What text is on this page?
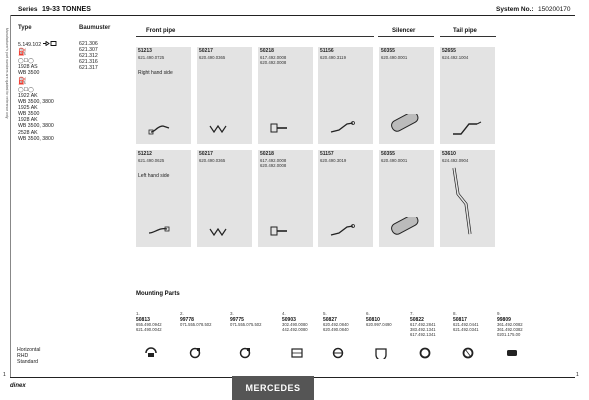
Series 19-33 TONNES	System No.: 150200170
Manufacturer's part numbers are quoted for reference only Type	Baumuster
5.149.102	621.306
621.307
621.312
621.316
621.317
⛽
◯☐◯
1928 AS
WB 3500
⛽
◯☐◯
1922 AK
WB 3500, 3800
1925 AK
WB 3500
1928 AK
WB 3500, 3800
2528 AK
WB 3500, 3800
Horizontal
RHD
Standard
Front pipe	Silencer	Tail pipe
51213
621.490.0725
Right hand side
50217
620.490.0365
50218
617.492.0008
620.492.0008
51156
620.490.3119
50355
620.490.0001
52655
624.492.1004
51212
621.490.0625
Left hand side
50217
620.490.0365
50218
617.492.0008
620.492.0008
51157
620.490.3019
50355
620.490.0001
53610
624.492.0904
Mounting Parts
1.
50813
655.490.0942
621.490.0042
2.
99778
071.555.078.502
3.
99775
071.555.075.502
4.
50903
302.490.0080
442.492.0080
5.
50827
620.492.0840
620.490.0840
6.
50810
620.997.0490
7.
50822
617.492.2841
383.492.1341
617.492.1341
8.
50817
621.492.0441
621.492.0341
9.
99809
361.492.0082
361.492.0382
0201.175.00
1	1
dinex	MERCEDES
